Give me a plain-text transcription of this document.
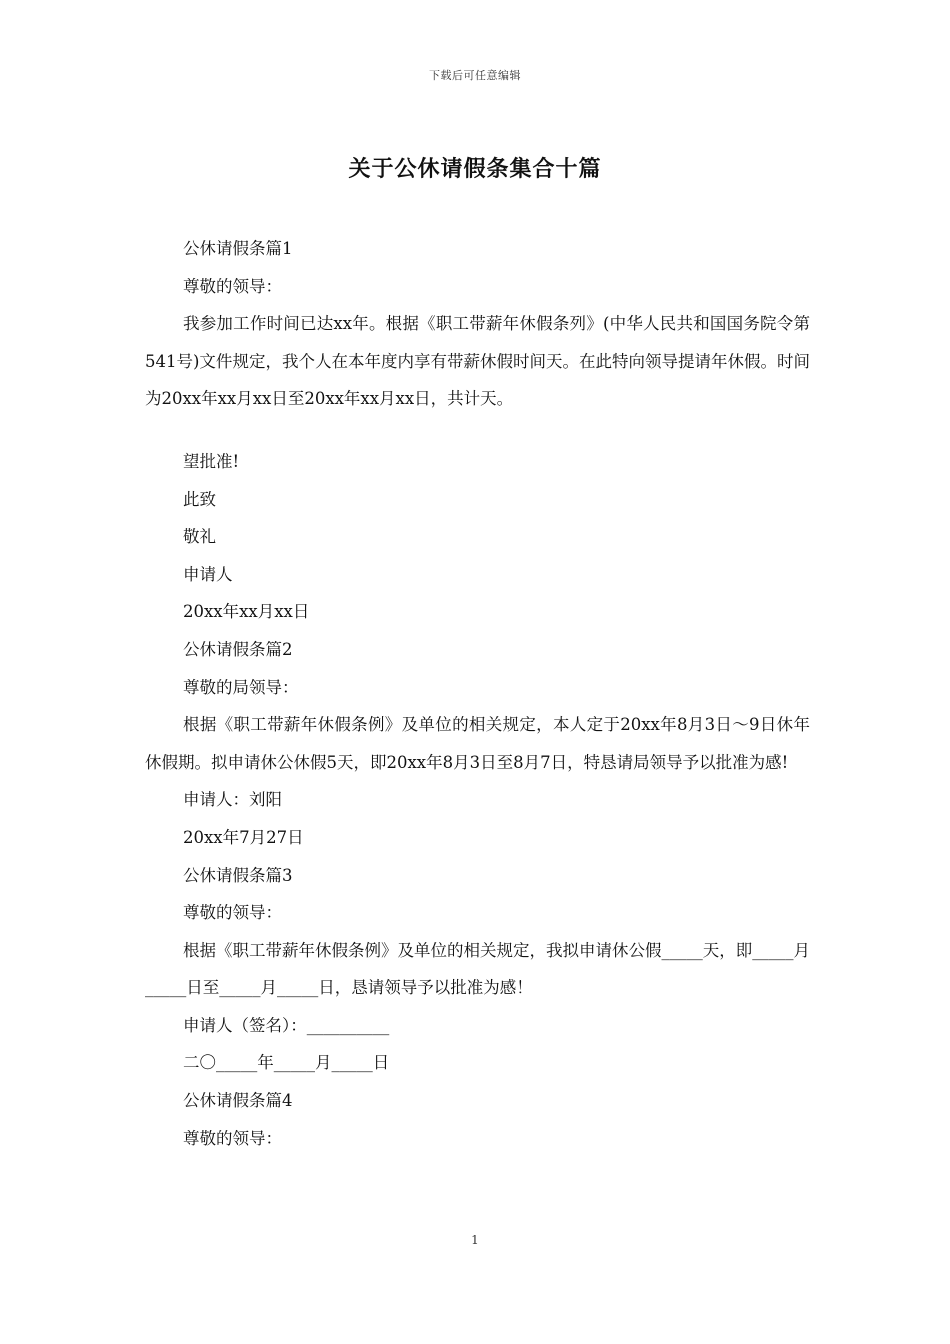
下载后可任意编辑
关于公休请假条集合十篇
公休请假条篇1
尊敬的领导：
我参加工作时间已达xx年。根据《职工带薪年休假条列》(中华人民共和国国务院令第541号)文件规定，我个人在本年度内享有带薪休假时间天。在此特向领导提请年休假。时间为20xx年xx月xx日至20xx年xx月xx日，共计天。
望批准!
此致
敬礼
申请人
20xx年xx月xx日
公休请假条篇2
尊敬的局领导：
根据《职工带薪年休假条例》及单位的相关规定，本人定于20xx年8月3日～9日休年休假期。拟申请休公休假5天，即20xx年8月3日至8月7日，特恳请局领导予以批准为感!
申请人：刘阳
20xx年7月27日
公休请假条篇3
尊敬的领导：
根据《职工带薪年休假条例》及单位的相关规定，我拟申请休公假_____天，即_____月_____日至_____月_____日，恳请领导予以批准为感！
申请人（签名）：__________
二〇_____年_____月_____日
公休请假条篇4
尊敬的领导：
1
